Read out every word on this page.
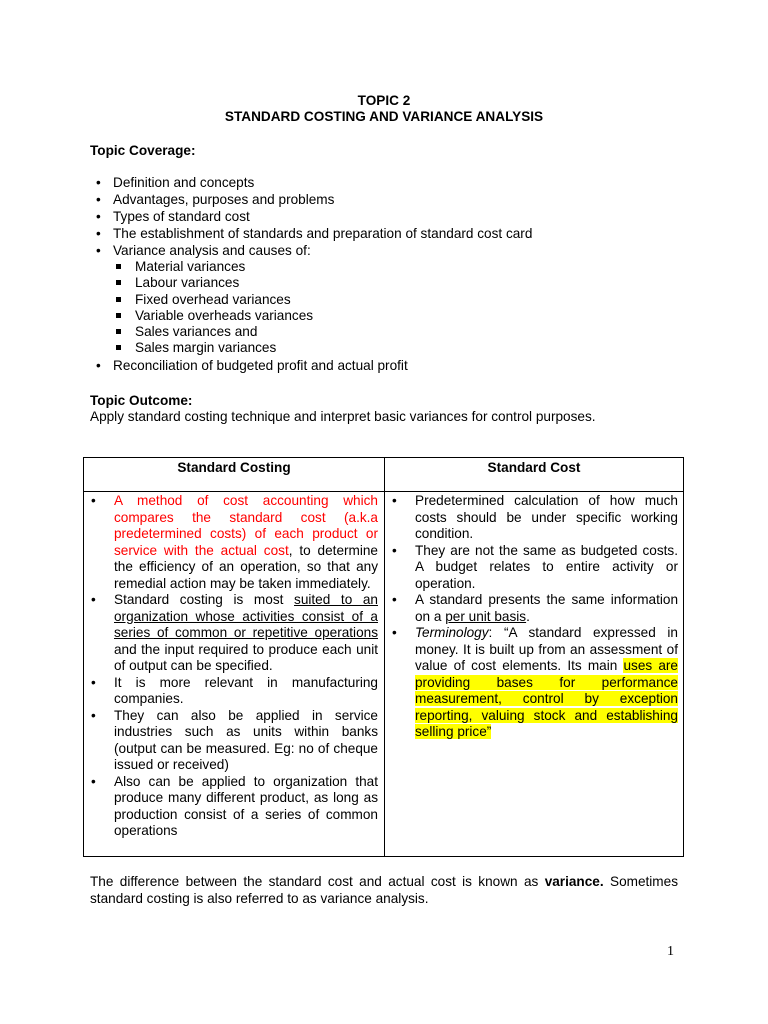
TOPIC 2
STANDARD COSTING AND VARIANCE ANALYSIS
Topic Coverage:
• Definition and concepts
• Advantages, purposes and problems
• Types of standard cost
• The establishment of standards and preparation of standard cost card
• Variance analysis and causes of:
Material variances
Labour variances
Fixed overhead variances
Variable overheads variances
Sales variances and
Sales margin variances
• Reconciliation of budgeted profit and actual profit
Topic Outcome:
Apply standard costing technique and interpret basic variances for control purposes.
Standard Costing	Standard Cost
• A method of cost accounting which compares the standard cost (a.k.a predetermined costs) of each product or service with the actual cost, to determine the efficiency of an operation, so that any remedial action may be taken immediately.
• Standard costing is most suited to an organization whose activities consist of a series of common or repetitive operations and the input required to produce each unit of output can be specified.
• It is more relevant in manufacturing companies.
• They can also be applied in service industries such as units within banks (output can be measured. Eg: no of cheque issued or received)
• Also can be applied to organization that produce many different product, as long as production consist of a series of common operations
• Predetermined calculation of how much costs should be under specific working condition.
• They are not the same as budgeted costs. A budget relates to entire activity or operation.
• A standard presents the same information on a per unit basis.
• Terminology: “A standard expressed in money. It is built up from an assessment of value of cost elements. Its main uses are providing bases for performance measurement, control by exception reporting, valuing stock and establishing selling price”
The difference between the standard cost and actual cost is known as variance. Sometimes standard costing is also referred to as variance analysis.
1
